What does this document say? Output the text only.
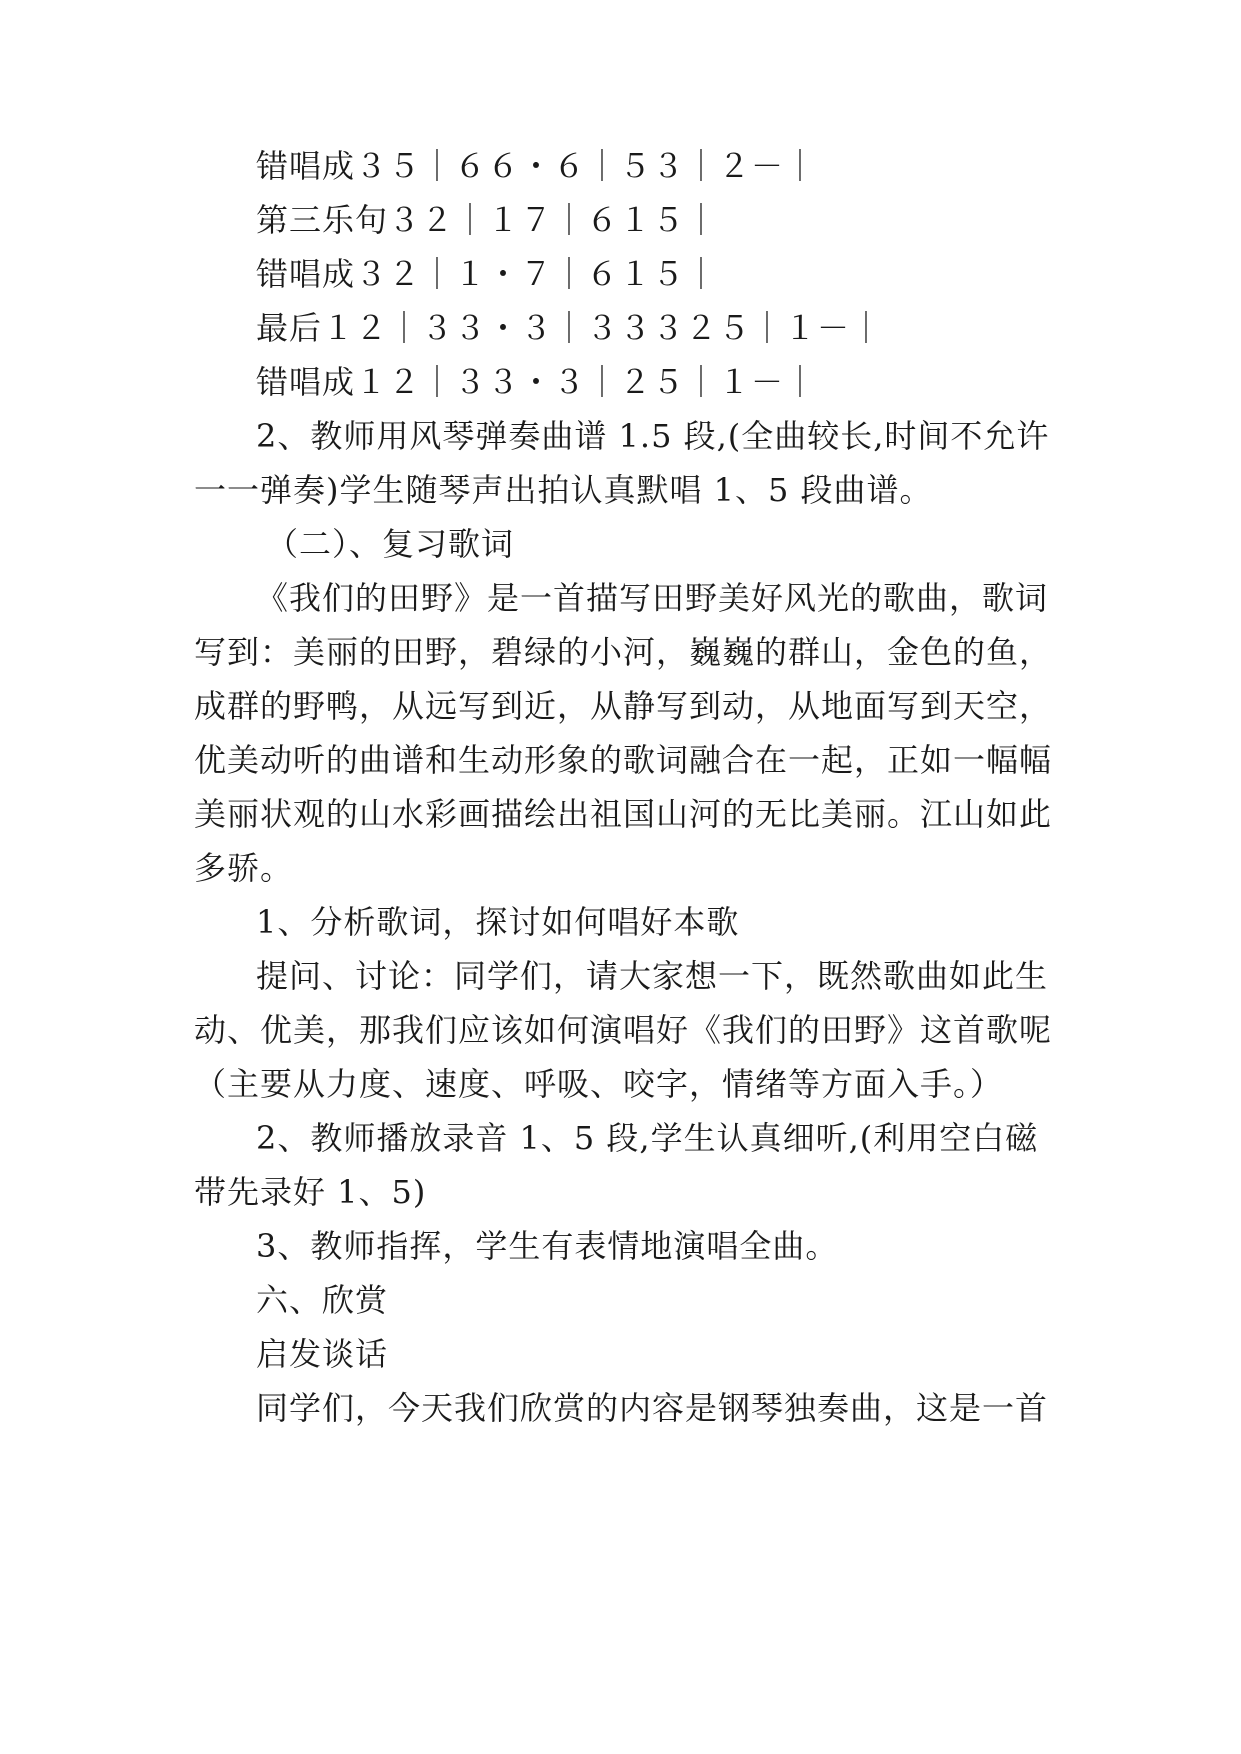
错唱成３５｜６６・６｜５３｜２－｜
第三乐句３２｜１７｜６１５｜
错唱成３２｜１・７｜６１５｜
最后１２｜３３・３｜３３３２５｜１－｜
错唱成１２｜３３・３｜２５｜１－｜
2、教师用风琴弹奏曲谱 1.5 段,(全曲较长,时间不允许
一一弹奏)学生随琴声出拍认真默唱 1、5 段曲谱。
（二）、复习歌词
《我们的田野》是一首描写田野美好风光的歌曲，歌词
写到：美丽的田野，碧绿的小河，巍巍的群山，金色的鱼，
成群的野鸭，从远写到近，从静写到动，从地面写到天空，
优美动听的曲谱和生动形象的歌词融合在一起，正如一幅幅
美丽状观的山水彩画描绘出祖国山河的无比美丽。江山如此
多骄。
1、分析歌词，探讨如何唱好本歌
提问、讨论：同学们，请大家想一下，既然歌曲如此生
动、优美，那我们应该如何演唱好《我们的田野》这首歌呢
（主要从力度、速度、呼吸、咬字，情绪等方面入手。）
2、教师播放录音 1、5 段,学生认真细听,(利用空白磁
带先录好 1、5)
3、教师指挥，学生有表情地演唱全曲。
六、欣赏
启发谈话
同学们，今天我们欣赏的内容是钢琴独奏曲，这是一首
